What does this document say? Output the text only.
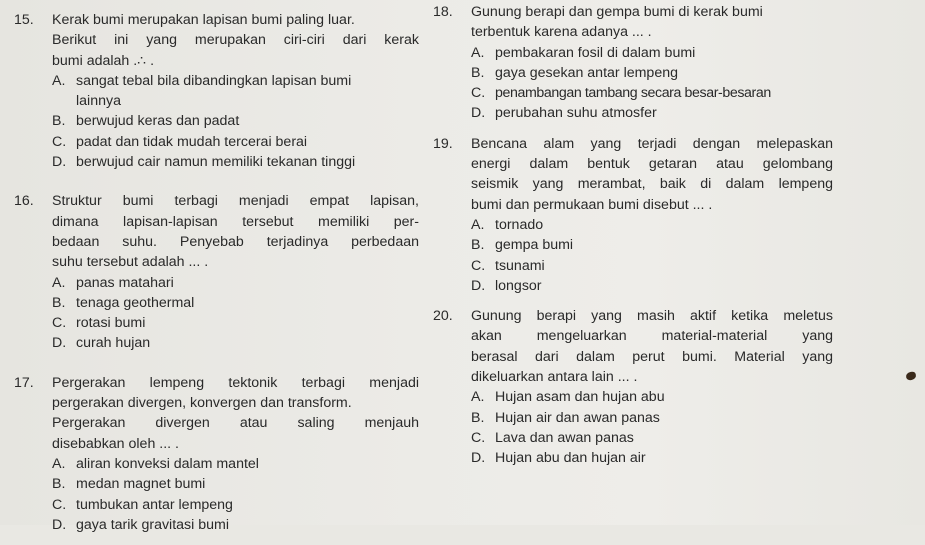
15.	Kerak bumi merupakan lapisan bumi paling luar.
Berikut ini yang merupakan ciri-ciri dari kerak
bumi adalah .∴ .
A. sangat tebal bila dibandingkan lapisan bumi
lainnya
B. berwujud keras dan padat
C. padat dan tidak mudah tercerai berai
D. berwujud cair namun memiliki tekanan tinggi
16.	Struktur bumi terbagi menjadi empat lapisan,
dimana lapisan-lapisan tersebut memiliki per-
bedaan suhu. Penyebab terjadinya perbedaan
suhu tersebut adalah ... .
A. panas matahari
B. tenaga geothermal
C. rotasi bumi
D. curah hujan
17.	Pergerakan lempeng tektonik terbagi menjadi
pergerakan divergen, konvergen dan transform.
Pergerakan divergen atau saling menjauh
disebabkan oleh ... .
A. aliran konveksi dalam mantel
B. medan magnet bumi
C. tumbukan antar lempeng
D. gaya tarik gravitasi bumi
18.	Gunung berapi dan gempa bumi di kerak bumi
terbentuk karena adanya ... .
A. pembakaran fosil di dalam bumi
B. gaya gesekan antar lempeng
C. penambangan tambang secara besar-besaran
D. perubahan suhu atmosfer
19.	Bencana alam yang terjadi dengan melepaskan
energi dalam bentuk getaran atau gelombang
seismik yang merambat, baik di dalam lempeng
bumi dan permukaan bumi disebut ... .
A. tornado
B. gempa bumi
C. tsunami
D. longsor
20.	Gunung berapi yang masih aktif ketika meletus
akan mengeluarkan material-material yang
berasal dari dalam perut bumi. Material yang
dikeluarkan antara lain ... .
A. Hujan asam dan hujan abu
B. Hujan air dan awan panas
C. Lava dan awan panas
D. Hujan abu dan hujan air
